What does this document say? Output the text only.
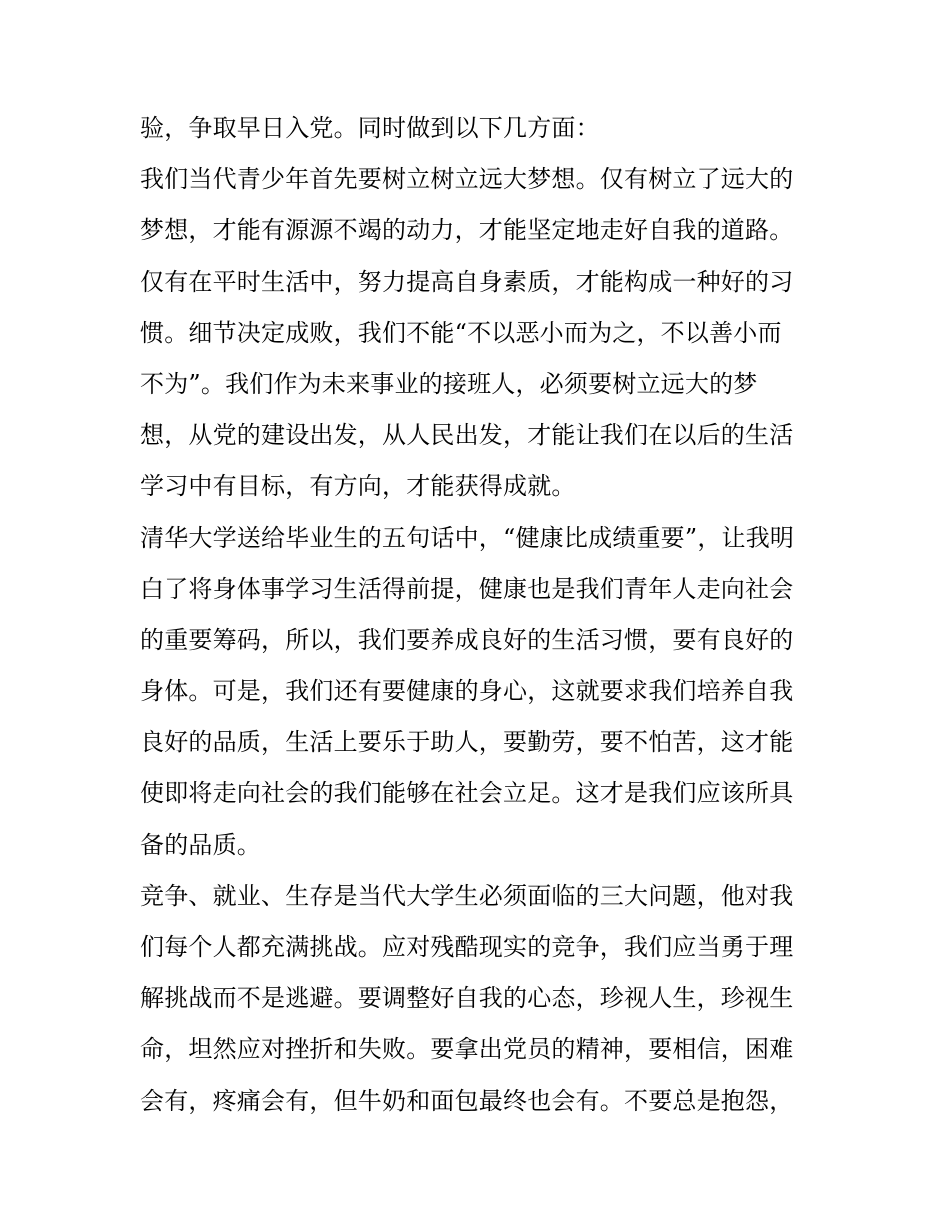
验，争取早日入党。同时做到以下几方面：
我们当代青少年首先要树立树立远大梦想。仅有树立了远大的
梦想，才能有源源不竭的动力，才能坚定地走好自我的道路。
仅有在平时生活中，努力提高自身素质，才能构成一种好的习
惯。细节决定成败，我们不能“不以恶小而为之，不以善小而
不为”。我们作为未来事业的接班人，必须要树立远大的梦
想，从党的建设出发，从人民出发，才能让我们在以后的生活
学习中有目标，有方向，才能获得成就。
清华大学送给毕业生的五句话中，“健康比成绩重要”，让我明
白了将身体事学习生活得前提，健康也是我们青年人走向社会
的重要筹码，所以，我们要养成良好的生活习惯，要有良好的
身体。可是，我们还有要健康的身心，这就要求我们培养自我
良好的品质，生活上要乐于助人，要勤劳，要不怕苦，这才能
使即将走向社会的我们能够在社会立足。这才是我们应该所具
备的品质。
竞争、就业、生存是当代大学生必须面临的三大问题，他对我
们每个人都充满挑战。应对残酷现实的竞争，我们应当勇于理
解挑战而不是逃避。要调整好自我的心态，珍视人生，珍视生
命，坦然应对挫折和失败。要拿出党员的精神，要相信，困难
会有，疼痛会有，但牛奶和面包最终也会有。不要总是抱怨，
